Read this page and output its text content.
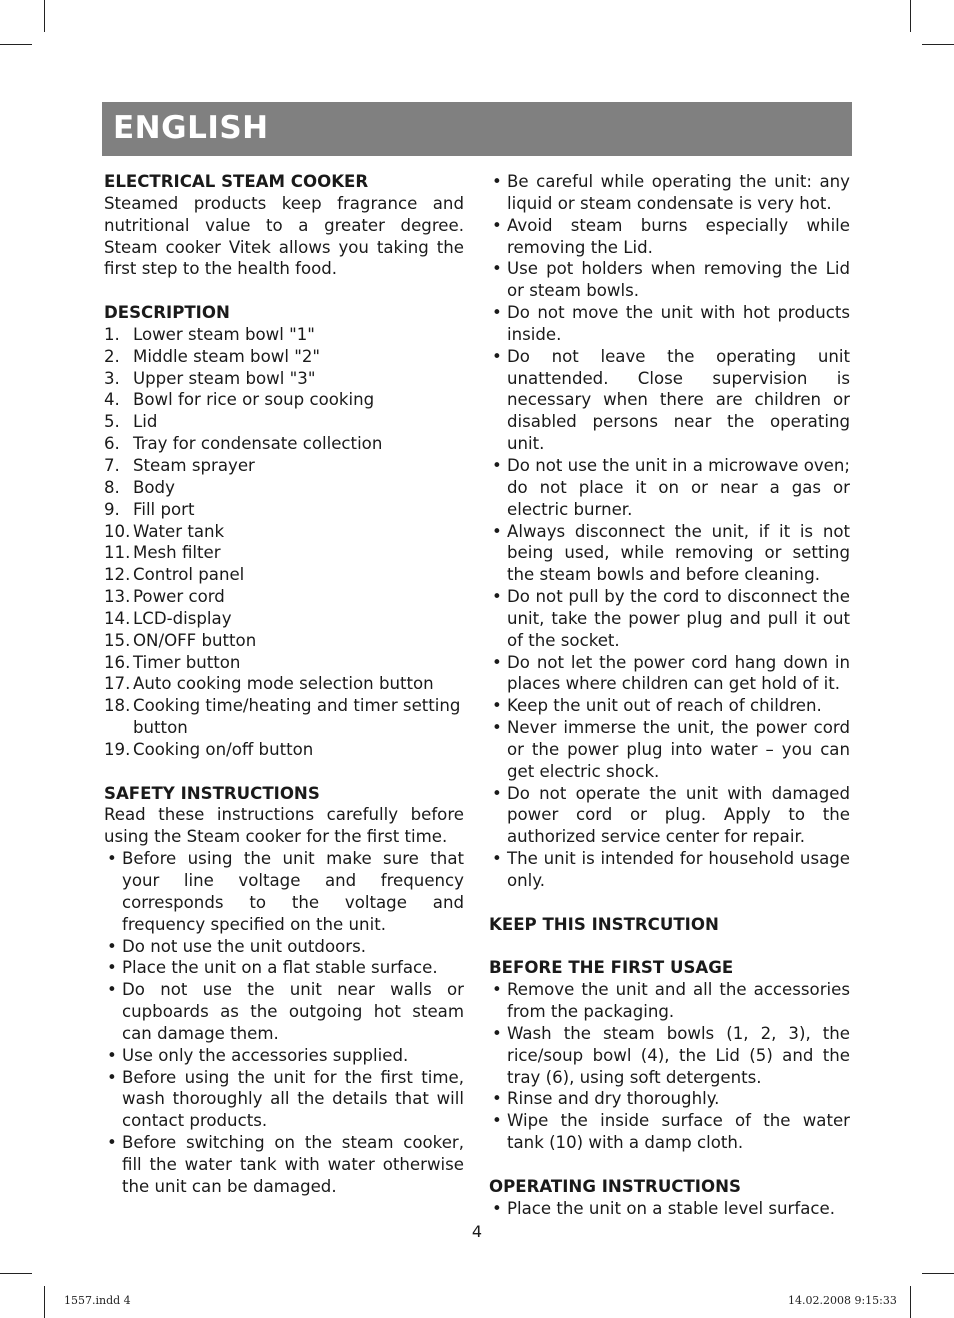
ENGLISH
ELECTRICAL STEAM COOKER
Steamed products keep fragrance and nutritional value to a greater degree. Steam cooker Vitek allows you taking the first step to the health food.
DESCRIPTION
1. Lower steam bowl "1"
2. Middle steam bowl "2"
3. Upper steam bowl "3"
4. Bowl for rice or soup cooking
5. Lid
6. Tray for condensate collection
7. Steam sprayer
8. Body
9. Fill port
10. Water tank
11. Mesh filter
12. Control panel
13. Power cord
14. LCD-display
15. ON/OFF button
16. Timer button
17. Auto cooking mode selection button
18. Cooking time/heating and timer setting button
19. Cooking on/off button
SAFETY INSTRUCTIONS
Read these instructions carefully before using the Steam cooker for the first time.
• Before using the unit make sure that your line voltage and frequency corresponds to the voltage and frequency specified on the unit.
• Do not use the unit outdoors.
• Place the unit on a flat stable surface.
• Do not use the unit near walls or cupboards as the outgoing hot steam can damage them.
• Use only the accessories supplied.
• Before using the unit for the first time, wash thoroughly all the details that will contact products.
• Before switching on the steam cooker, fill the water tank with water otherwise the unit can be damaged.
• Be careful while operating the unit: any liquid or steam condensate is very hot.
• Avoid steam burns especially while removing the Lid.
• Use pot holders when removing the Lid or steam bowls.
• Do not move the unit with hot products inside.
• Do not leave the operating unit unattended. Close supervision is necessary when there are children or disabled persons near the operating unit.
• Do not use the unit in a microwave oven; do not place it on or near a gas or electric burner.
• Always disconnect the unit, if it is not being used, while removing or setting the steam bowls and before cleaning.
• Do not pull by the cord to disconnect the unit, take the power plug and pull it out of the socket.
• Do not let the power cord hang down in places where children can get hold of it.
• Keep the unit out of reach of children.
• Never immerse the unit, the power cord or the power plug into water – you can get electric shock.
• Do not operate the unit with damaged power cord or plug. Apply to the authorized service center for repair.
• The unit is intended for household usage only.
KEEP THIS INSTRCUTION
BEFORE THE FIRST USAGE
• Remove the unit and all the accessories from the packaging.
• Wash the steam bowls (1, 2, 3), the rice/soup bowl (4), the Lid (5) and the tray (6), using soft detergents.
• Rinse and dry thoroughly.
• Wipe the inside surface of the water tank (10) with a damp cloth.
OPERATING INSTRUCTIONS
• Place the unit on a stable level surface.
4
1557.indd 4	14.02.2008 9:15:33
